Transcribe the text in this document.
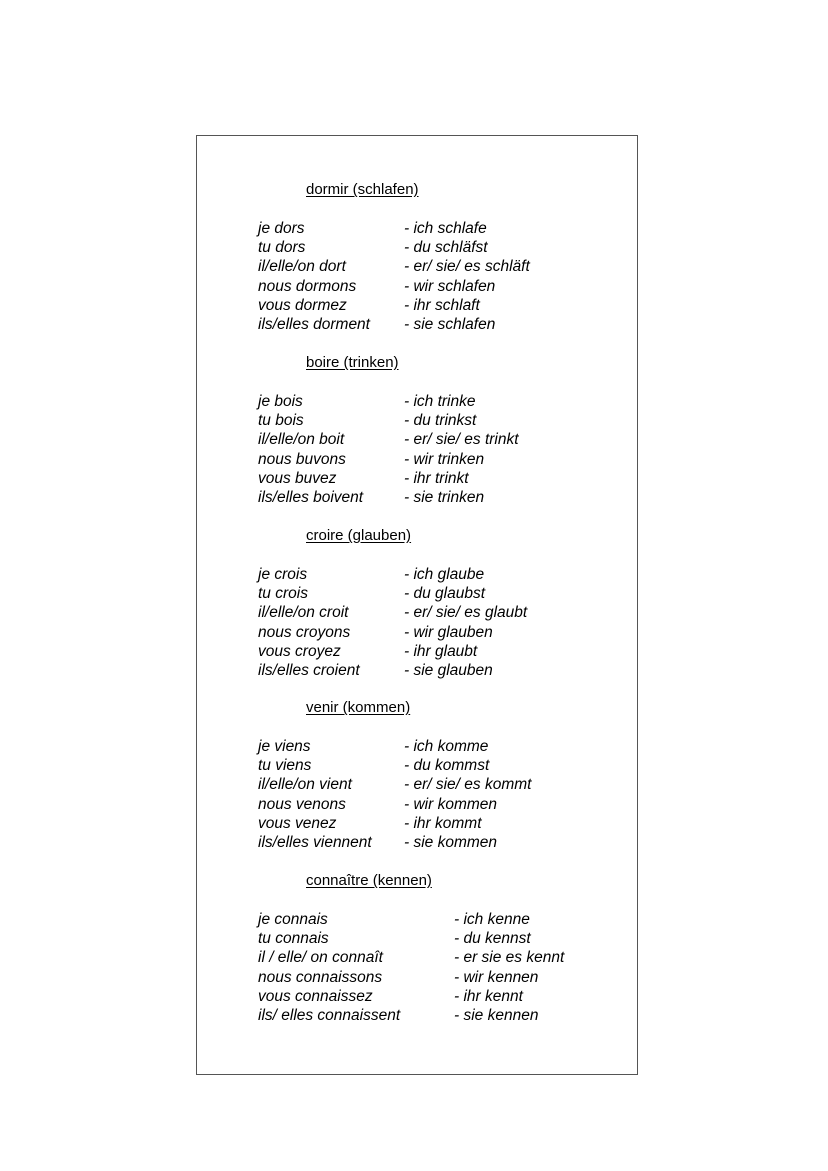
dormir (schlafen)
je dors	- ich schlafe
tu dors	- du schläfst
il/elle/on dort	- er/ sie/ es schläft
nous dormons	- wir schlafen
vous dormez	- ihr schlaft
ils/elles dorment - sie schlafen
boire (trinken)
je bois	- ich trinke
tu bois	- du trinkst
il/elle/on boit	- er/ sie/ es trinkt
nous buvons	- wir trinken
vous buvez	- ihr trinkt
ils/elles boivent	- sie trinken
croire (glauben)
je crois	- ich glaube
tu crois	- du glaubst
il/elle/on croit	- er/ sie/ es glaubt
nous croyons	- wir glauben
vous croyez	- ihr glaubt
ils/elles croient	- sie glauben
venir (kommen)
je viens	- ich komme
tu viens	- du kommst
il/elle/on vient	- er/ sie/ es kommt
nous venons	- wir kommen
vous venez	- ihr kommt
ils/elles viennent - sie kommen
connaître (kennen)
je connais	- ich kenne
tu connais	- du kennst
il / elle/ on connaît	- er sie es kennt
nous connaissons	- wir kennen
vous connaissez	- ihr kennt
ils/ elles connaissent	- sie kennen
